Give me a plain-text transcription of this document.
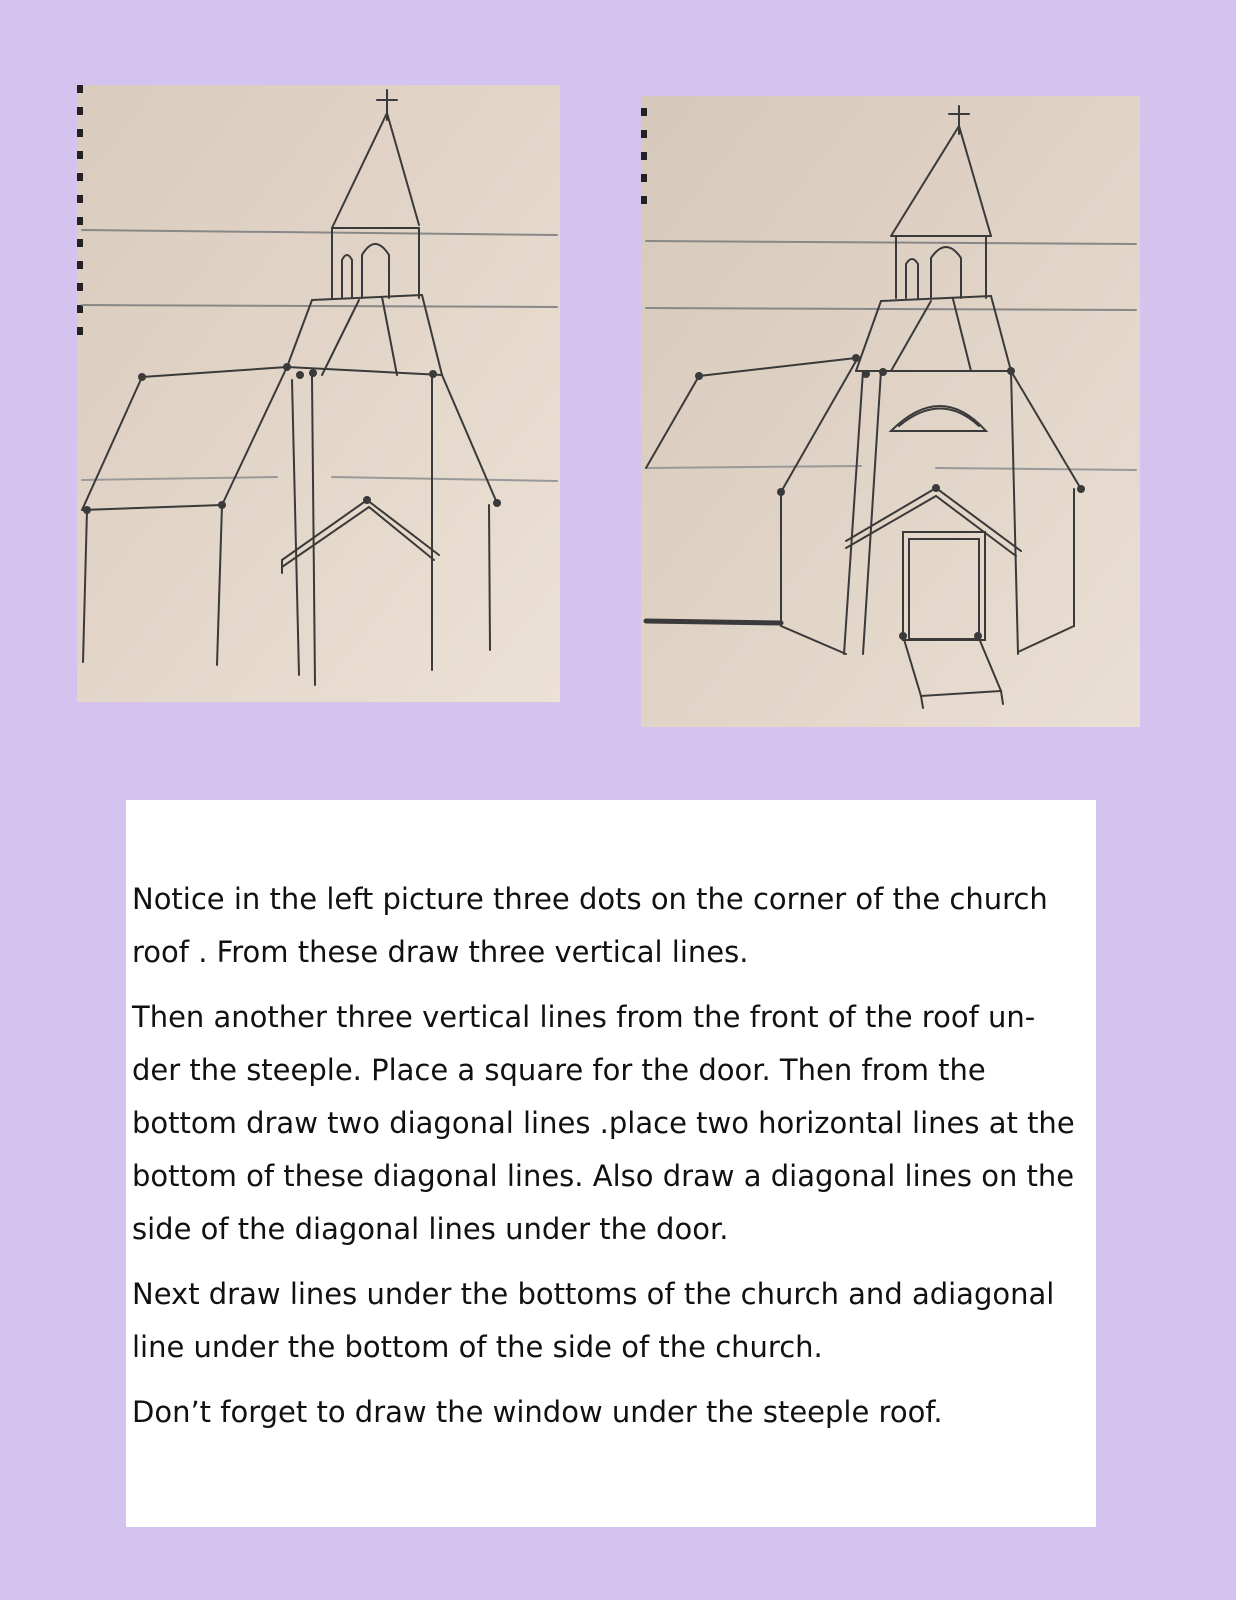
Notice in the left picture three dots on the corner of the church roof . From these draw three vertical lines.

Then another three vertical lines from the front of the roof un-der the steeple. Place a square for the door. Then from the bottom draw two diagonal lines .place two horizontal lines at the bottom of these diagonal lines. Also draw a diagonal lines on the side of the diagonal lines under the door.

Next draw lines under the bottoms of the church and adiagonal line under the bottom of the side of the church.

Don’t forget to draw the window under the steeple roof.
